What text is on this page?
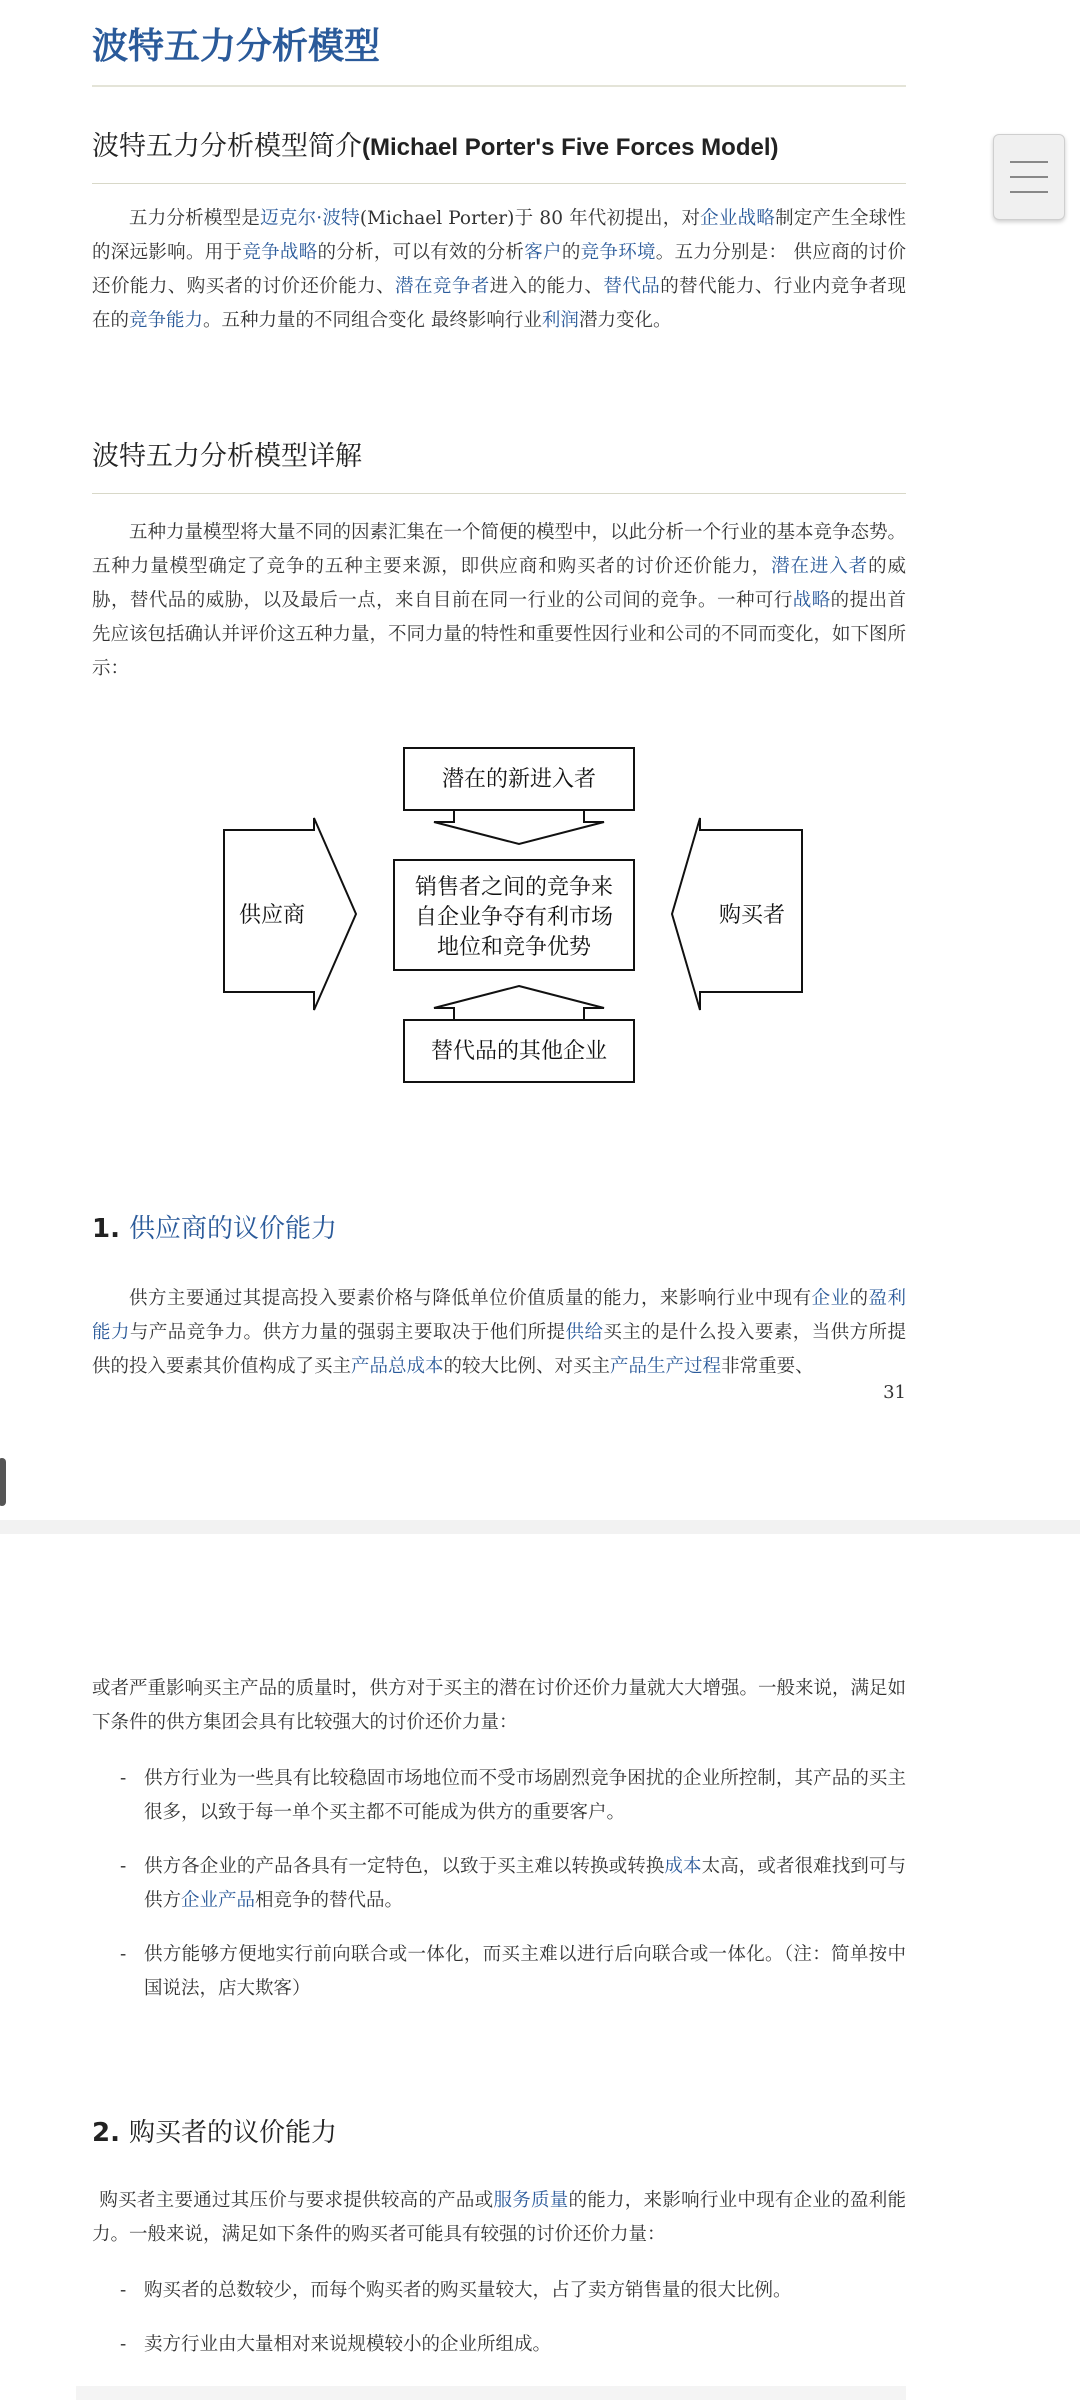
波特五力分析模型
波特五力分析模型简介(Michael Porter's Five Forces Model)

五力分析模型是迈克尔·波特(Michael Porter)于 80 年代初提出，对企业战略制定产生全球性的深远影响。用于竞争战略的分析，可以有效的分析客户的竞争环境。五力分别是： 供应商的讨价还价能力、购买者的讨价还价能力、潜在竞争者进入的能力、替代品的替代能力、行业内竞争者现在的竞争能力。五种力量的不同组合变化 最终影响行业利润潜力变化。

波特五力分析模型详解

五种力量模型将大量不同的因素汇集在一个简便的模型中，以此分析一个行业的基本竞争态势。五种力量模型确定了竞争的五种主要来源，即供应商和购买者的讨价还价能力，潜在进入者的威胁，替代品的威胁，以及最后一点，来自目前在同一行业的公司间的竞争。一种可行战略的提出首先应该包括确认并评价这五种力量，不同力量的特性和重要性因行业和公司的不同而变化，如下图所示：

潜在的新进入者
销售者之间的竞争来
自企业争夺有利市场
地位和竞争优势
供应商	购买者
替代品的其他企业
1. 供应商的议价能力

供方主要通过其提高投入要素价格与降低单位价值质量的能力，来影响行业中现有企业的盈利能力与产品竞争力。供方力量的强弱主要取决于他们所提供给买主的是什么投入要素，当供方所提供的投入要素其价值构成了买主产品总成本的较大比例、对买主产品生产过程非常重要、

31

或者严重影响买主产品的质量时，供方对于买主的潜在讨价还价力量就大大增强。一般来说，满足如下条件的供方集团会具有比较强大的讨价还价力量：

- 供方行业为一些具有比较稳固市场地位而不受市场剧烈竞争困扰的企业所控制，其产品的买主很多，以致于每一单个买主都不可能成为供方的重要客户。
- 供方各企业的产品各具有一定特色，以致于买主难以转换或转换成本太高，或者很难找到可与供方企业产品相竞争的替代品。
- 供方能够方便地实行前向联合或一体化，而买主难以进行后向联合或一体化。（注：简单按中国说法，店大欺客）
2. 购买者的议价能力

购买者主要通过其压价与要求提供较高的产品或服务质量的能力，来影响行业中现有企业的盈利能力。一般来说，满足如下条件的购买者可能具有较强的讨价还价力量：

- 购买者的总数较少，而每个购买者的购买量较大，占了卖方销售量的很大比例。
- 卖方行业由大量相对来说规模较小的企业所组成。
